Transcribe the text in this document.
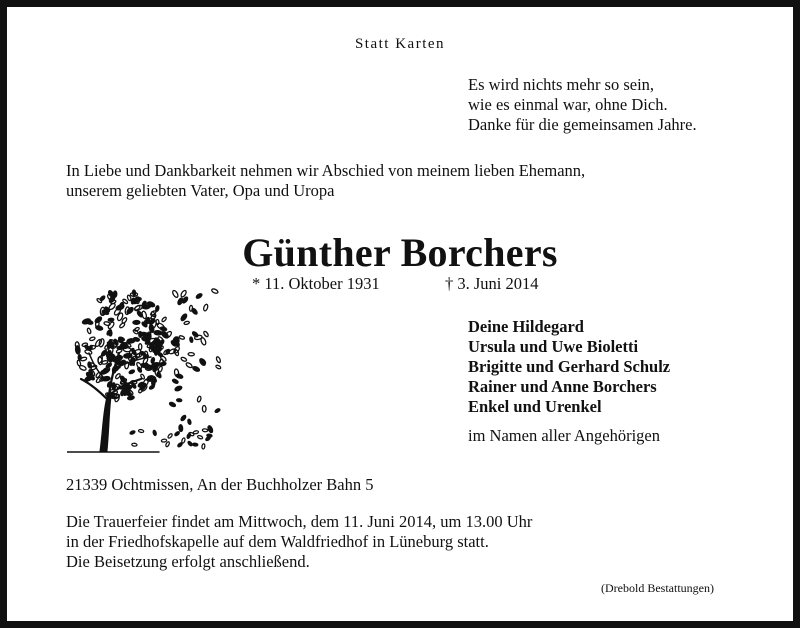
Statt Karten
Es wird nichts mehr so sein,
wie es einmal war, ohne Dich.
Danke für die gemeinsamen Jahre.
In Liebe und Dankbarkeit nehmen wir Abschied von meinem lieben Ehemann,
unserem geliebten Vater, Opa und Uropa
Günther Borchers
* 11. Oktober 1931	† 3. Juni 2014
Deine Hildegard
Ursula und Uwe Bioletti
Brigitte und Gerhard Schulz
Rainer und Anne Borchers
Enkel und Urenkel
im Namen aller Angehörigen
21339 Ochtmissen, An der Buchholzer Bahn 5
Die Trauerfeier findet am Mittwoch, dem 11. Juni 2014, um 13.00 Uhr
in der Friedhofskapelle auf dem Waldfriedhof in Lüneburg statt.
Die Beisetzung erfolgt anschließend.
(Drebold Bestattungen)
